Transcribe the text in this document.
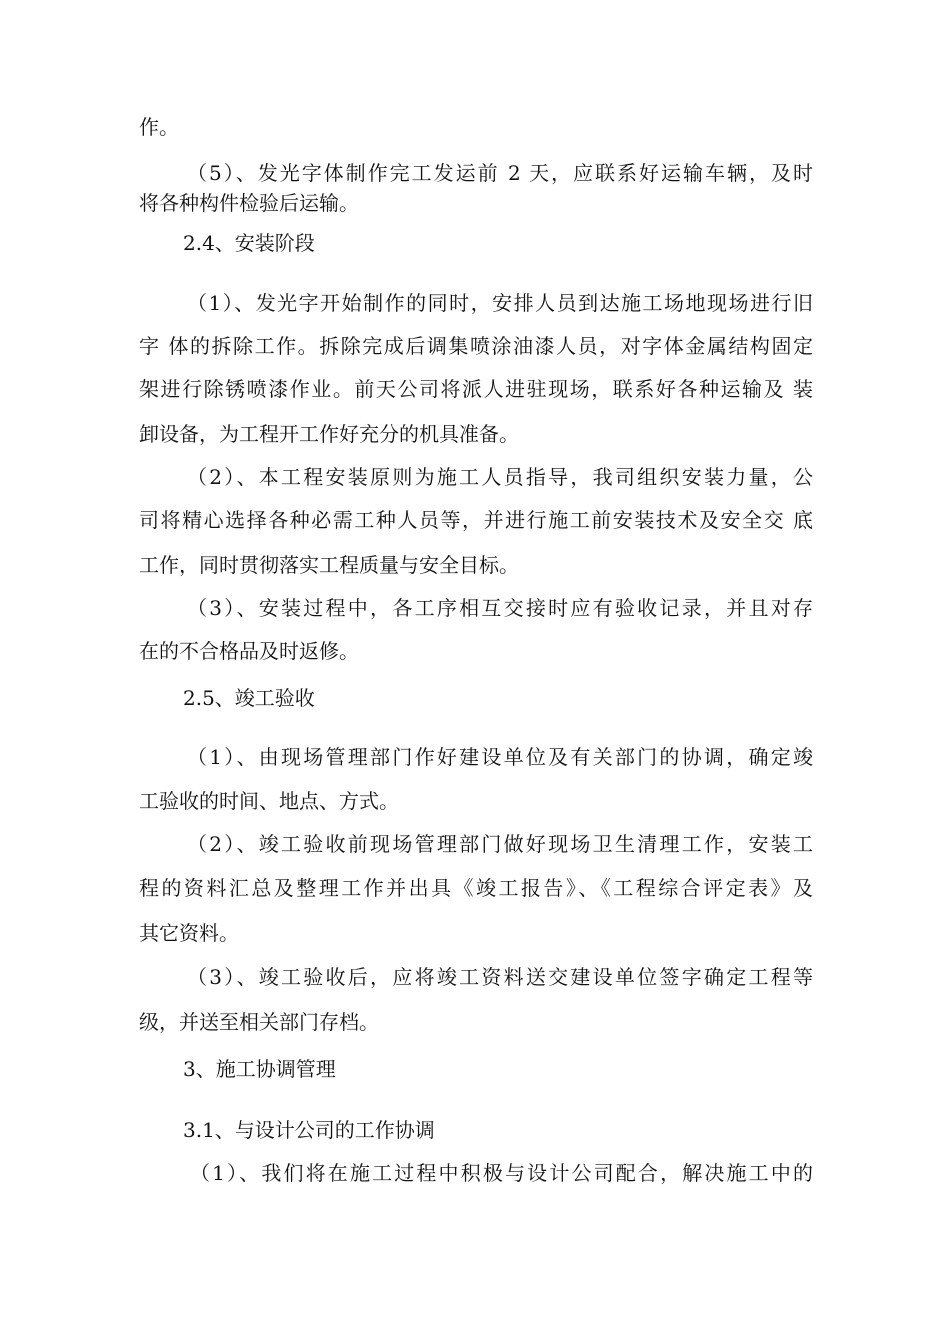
作。
（5）、发光字体制作完工发运前 2 天，应联系好运输车辆，及时
将各种构件检验后运输。
2.4、安装阶段
（1）、发光字开始制作的同时，安排人员到达施工场地现场进行旧
字 体的拆除工作。拆除完成后调集喷涂油漆人员，对字体金属结构固定
架进行除锈喷漆作业。前天公司将派人进驻现场，联系好各种运输及 装
卸设备，为工程开工作好充分的机具准备。
（2）、本工程安装原则为施工人员指导，我司组织安装力量，公
司将精心选择各种必需工种人员等，并进行施工前安装技术及安全交 底
工作，同时贯彻落实工程质量与安全目标。
（3）、安装过程中，各工序相互交接时应有验收记录，并且对存
在的不合格品及时返修。
2.5、竣工验收
（1）、由现场管理部门作好建设单位及有关部门的协调，确定竣
工验收的时间、地点、方式。
（2）、竣工验收前现场管理部门做好现场卫生清理工作，安装工
程的资料汇总及整理工作并出具《竣工报告》、《工程综合评定表》及
其它资料。
（3）、竣工验收后，应将竣工资料送交建设单位签字确定工程等
级，并送至相关部门存档。
3、施工协调管理
3.1、与设计公司的工作协调
（1）、我们将在施工过程中积极与设计公司配合，解决施工中的
